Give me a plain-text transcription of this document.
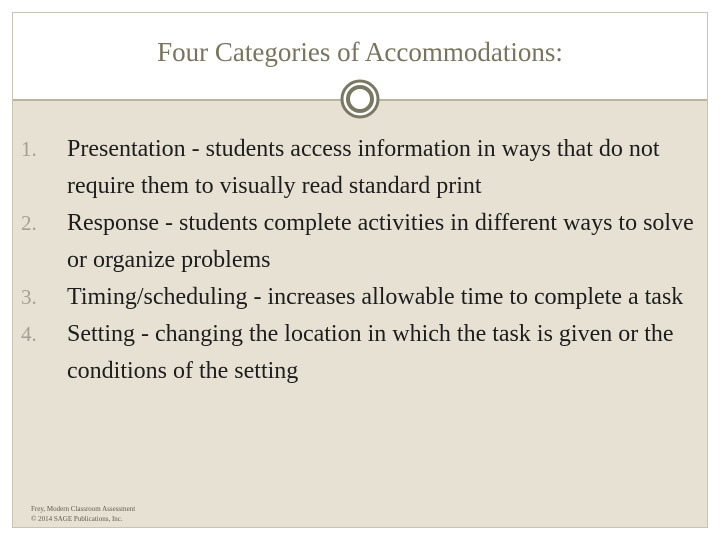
Four Categories of Accommodations:
1.	Presentation - students access information in ways that do not require them to visually read standard print
2.	Response - students complete activities in different ways to solve or organize problems
3.	Timing/scheduling - increases allowable time to complete a task
4.	Setting - changing the location in which the task is given or the conditions of the setting
Frey, Modern Classroom Assessment
© 2014 SAGE Publications, Inc.
